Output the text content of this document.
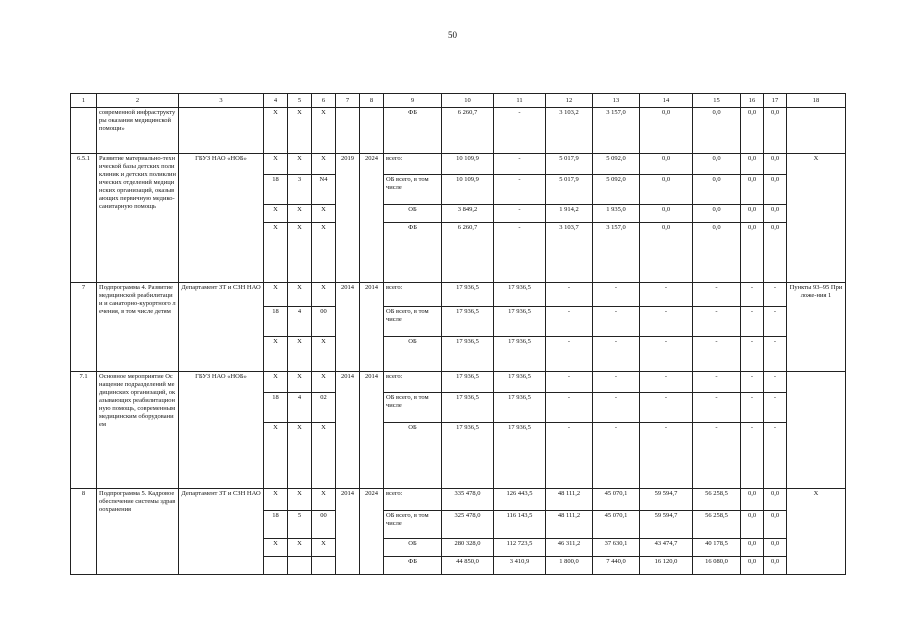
50
1	2	3	4	5	6	7	8	9	10	11	12	13	14	15	16	17	18
	современной инфраструктуры оказания медицинской помощи»		Х	Х	Х			ФБ	6 260,7	-	3 103,2	3 157,0	0,0	0,0	0,0	0,0	
6.5.1	Развитие материально-технической базы детских поликлиник и детских поликлинических отделений медицинских организаций, оказывающих первичную медико-санитарную помощь	ГБУЗ НАО «НОБ»	Х	Х	Х	2019	2024	всего:	10 109,9	-	5 017,9	5 092,0	0,0	0,0	0,0	0,0	Х
			18	3	N4			ОБ всего, в том числе	10 109,9	-	5 017,9	5 092,0	0,0	0,0	0,0	0,0	
			Х	Х	Х			ОБ	3 849,2	-	1 914,2	1 935,0	0,0	0,0	0,0	0,0	
			Х	Х	Х			ФБ	6 260,7	-	3 103,7	3 157,0	0,0	0,0	0,0	0,0	
7	Подпрограмма 4. Развитие медицинской реабилитации и санаторно-курортного лечения, в том числе детям	Департамент ЗТ и СЗН НАО	Х	Х	Х	2014	2014	всего:	17 936,5	17 936,5	-	-	-	-	-	-	Пункты 93–95 Приложе-ния 1
			18	4	00			ОБ всего, в том числе	17 936,5	17 936,5	-	-	-	-	-	-	
			Х	Х	Х			ОБ	17 936,5	17 936,5	-	-	-	-	-	-	
7.1	Основное мероприятие Оснащение подразделений медицинских организаций, оказывающих реабилитационную помощь, современным медицинским оборудованием	ГБУЗ НАО «НОБ»	Х	Х	Х	2014	2014	всего:	17 936,5	17 936,5	-	-	-	-	-	-	
			18	4	02			ОБ всего, в том числе	17 936,5	17 936,5	-	-	-	-	-	-	
			Х	Х	Х			ОБ	17 936,5	17 936,5	-	-	-	-	-	-	
8	Подпрограмма 5. Кадровое обеспечение системы здравоохранения	Департамент ЗТ и СЗН НАО	Х	Х	Х	2014	2024	всего:	335 478,0	126 443,5	48 111,2	45 070,1	59 594,7	56 258,5	0,0	0,0	Х
			18	5	00			ОБ всего, в том числе	325 478,0	116 143,5	48 111,2	45 070,1	59 594,7	56 258,5	0,0	0,0	
			Х	Х	Х			ОБ	280 328,0	112 723,5	46 311,2	37 630,1	43 474,7	40 178,5	0,0	0,0	
								ФБ	44 850,0	3 410,9	1 800,0	7 440,0	16 120,0	16 080,0	0,0	0,0	
